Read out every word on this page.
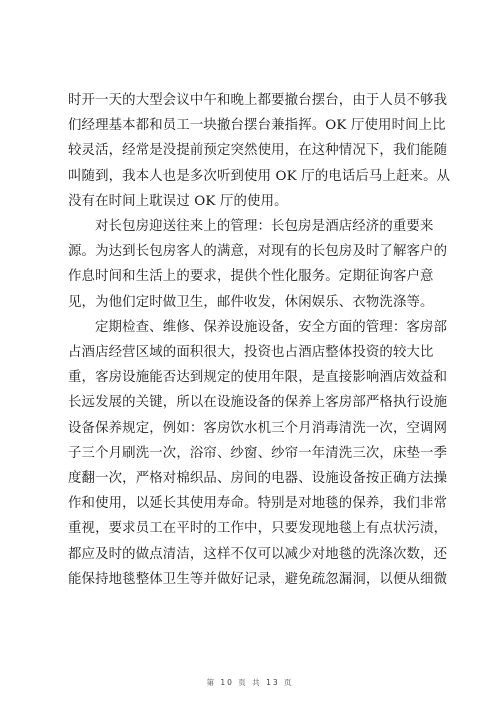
时开一天的大型会议中午和晚上都要撤台摆台，由于人员不够我
们经理基本都和员工一块撤台摆台兼指挥。OK 厅使用时间上比
较灵活，经常是没提前预定突然使用，在这种情况下，我们能随
叫随到，我本人也是多次听到使用 OK 厅的电话后马上赶来。从
没有在时间上耽误过 OK 厅的使用。

对长包房迎送往来上的管理：长包房是酒店经济的重要来
源。为达到长包房客人的满意，对现有的长包房及时了解客户的
作息时间和生活上的要求，提供个性化服务。定期征询客户意
见，为他们定时做卫生，邮件收发，休闲娱乐、衣物洗涤等。

定期检查、维修、保养设施设备，安全方面的管理：客房部
占酒店经营区域的面积很大，投资也占酒店整体投资的较大比
重，客房设施能否达到规定的使用年限，是直接影响酒店效益和
长远发展的关键，所以在设施设备的保养上客房部严格执行设施
设备保养规定，例如：客房饮水机三个月消毒清洗一次，空调网
子三个月刷洗一次，浴帘、纱窗、纱帘一年清洗三次，床垫一季
度翻一次，严格对棉织品、房间的电器、设施设备按正确方法操
作和使用，以延长其使用寿命。特别是对地毯的保养，我们非常
重视，要求员工在平时的工作中，只要发现地毯上有点状污渍，
都应及时的做点清洁，这样不仅可以减少对地毯的洗涤次数，还
能保持地毯整体卫生等并做好记录，避免疏忽漏洞，以便从细微

第 10 页 共 13 页
